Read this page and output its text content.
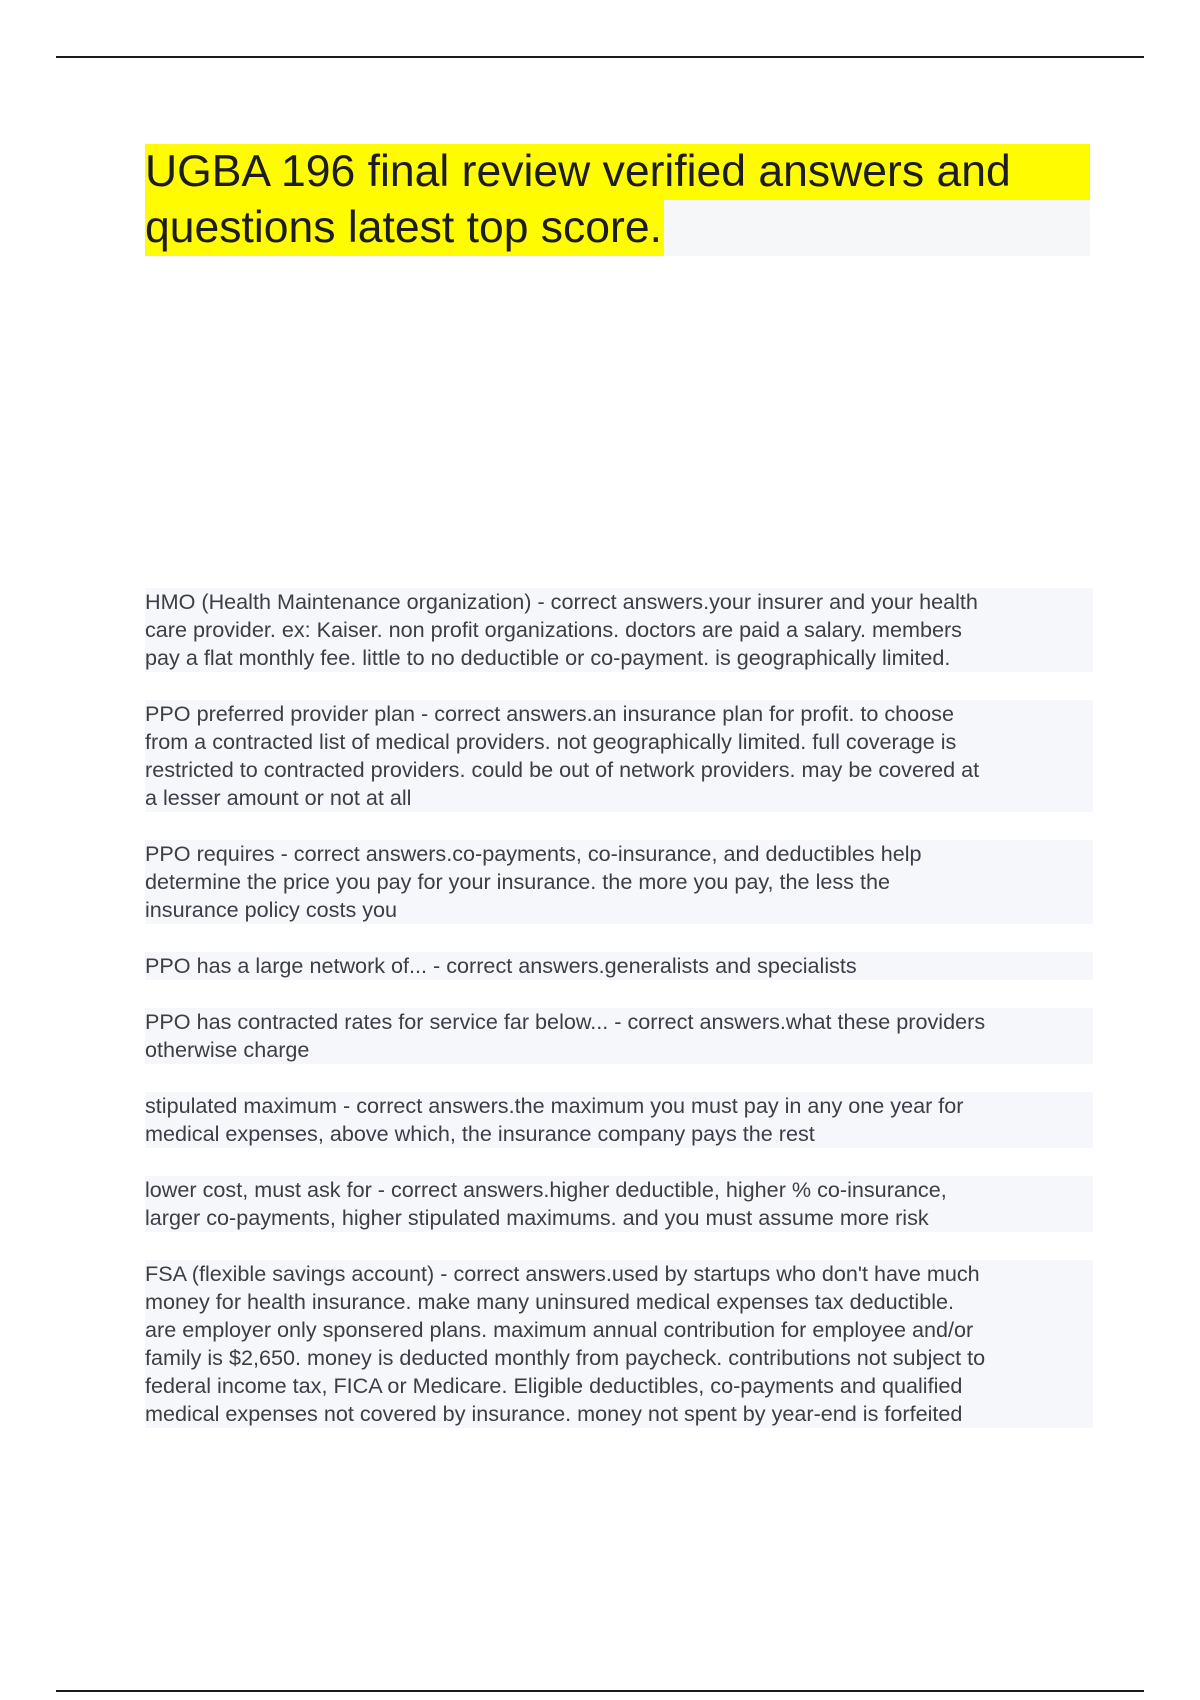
UGBA 196 final review verified answers and
questions latest top score.

HMO (Health Maintenance organization) - correct answers.your insurer and your health
care provider. ex: Kaiser. non profit organizations. doctors are paid a salary. members
pay a flat monthly fee. little to no deductible or co-payment. is geographically limited.

PPO preferred provider plan - correct answers.an insurance plan for profit. to choose
from a contracted list of medical providers. not geographically limited. full coverage is
restricted to contracted providers. could be out of network providers. may be covered at
a lesser amount or not at all

PPO requires - correct answers.co-payments, co-insurance, and deductibles help
determine the price you pay for your insurance. the more you pay, the less the
insurance policy costs you

PPO has a large network of... - correct answers.generalists and specialists

PPO has contracted rates for service far below... - correct answers.what these providers
otherwise charge

stipulated maximum - correct answers.the maximum you must pay in any one year for
medical expenses, above which, the insurance company pays the rest

lower cost, must ask for - correct answers.higher deductible, higher % co-insurance,
larger co-payments, higher stipulated maximums. and you must assume more risk

FSA (flexible savings account) - correct answers.used by startups who don't have much
money for health insurance. make many uninsured medical expenses tax deductible.
are employer only sponsered plans. maximum annual contribution for employee and/or
family is $2,650. money is deducted monthly from paycheck. contributions not subject to
federal income tax, FICA or Medicare. Eligible deductibles, co-payments and qualified
medical expenses not covered by insurance. money not spent by year-end is forfeited
